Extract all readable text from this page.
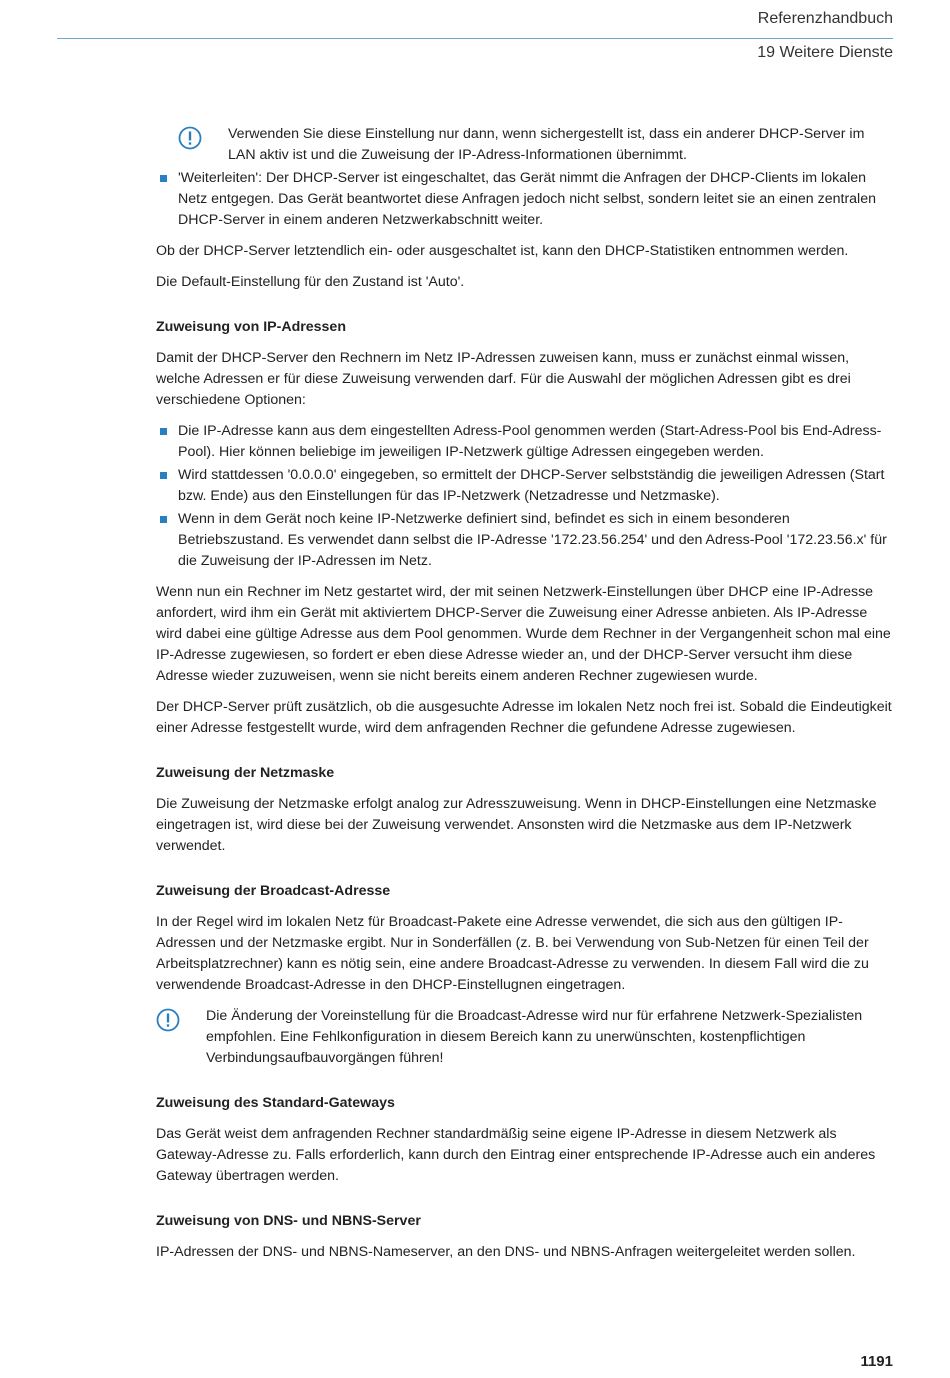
Referenzhandbuch
19 Weitere Dienste
Verwenden Sie diese Einstellung nur dann, wenn sichergestellt ist, dass ein anderer DHCP-Server im LAN aktiv ist und die Zuweisung der IP-Adress-Informationen übernimmt.
'Weiterleiten': Der DHCP-Server ist eingeschaltet, das Gerät nimmt die Anfragen der DHCP-Clients im lokalen Netz entgegen. Das Gerät beantwortet diese Anfragen jedoch nicht selbst, sondern leitet sie an einen zentralen DHCP-Server in einem anderen Netzwerkabschnitt weiter.

Ob der DHCP-Server letztendlich ein- oder ausgeschaltet ist, kann den DHCP-Statistiken entnommen werden.

Die Default-Einstellung für den Zustand ist 'Auto'.

Zuweisung von IP-Adressen

Damit der DHCP-Server den Rechnern im Netz IP-Adressen zuweisen kann, muss er zunächst einmal wissen, welche Adressen er für diese Zuweisung verwenden darf. Für die Auswahl der möglichen Adressen gibt es drei verschiedene Optionen:

Die IP-Adresse kann aus dem eingestellten Adress-Pool genommen werden (Start-Adress-Pool bis End-Adress-Pool). Hier können beliebige im jeweiligen IP-Netzwerk gültige Adressen eingegeben werden.
Wird stattdessen '0.0.0.0' eingegeben, so ermittelt der DHCP-Server selbstständig die jeweiligen Adressen (Start bzw. Ende) aus den Einstellungen für das IP-Netzwerk (Netzadresse und Netzmaske).
Wenn in dem Gerät noch keine IP-Netzwerke definiert sind, befindet es sich in einem besonderen Betriebszustand. Es verwendet dann selbst die IP-Adresse '172.23.56.254' und den Adress-Pool '172.23.56.x' für die Zuweisung der IP-Adressen im Netz.

Wenn nun ein Rechner im Netz gestartet wird, der mit seinen Netzwerk-Einstellungen über DHCP eine IP-Adresse anfordert, wird ihm ein Gerät mit aktiviertem DHCP-Server die Zuweisung einer Adresse anbieten. Als IP-Adresse wird dabei eine gültige Adresse aus dem Pool genommen. Wurde dem Rechner in der Vergangenheit schon mal eine IP-Adresse zugewiesen, so fordert er eben diese Adresse wieder an, und der DHCP-Server versucht ihm diese Adresse wieder zuzuweisen, wenn sie nicht bereits einem anderen Rechner zugewiesen wurde.

Der DHCP-Server prüft zusätzlich, ob die ausgesuchte Adresse im lokalen Netz noch frei ist. Sobald die Eindeutigkeit einer Adresse festgestellt wurde, wird dem anfragenden Rechner die gefundene Adresse zugewiesen.

Zuweisung der Netzmaske

Die Zuweisung der Netzmaske erfolgt analog zur Adresszuweisung. Wenn in DHCP-Einstellungen eine Netzmaske eingetragen ist, wird diese bei der Zuweisung verwendet. Ansonsten wird die Netzmaske aus dem IP-Netzwerk verwendet.

Zuweisung der Broadcast-Adresse

In der Regel wird im lokalen Netz für Broadcast-Pakete eine Adresse verwendet, die sich aus den gültigen IP-Adressen und der Netzmaske ergibt. Nur in Sonderfällen (z. B. bei Verwendung von Sub-Netzen für einen Teil der Arbeitsplatzrechner) kann es nötig sein, eine andere Broadcast-Adresse zu verwenden. In diesem Fall wird die zu verwendende Broadcast-Adresse in den DHCP-Einstellugnen eingetragen.

Die Änderung der Voreinstellung für die Broadcast-Adresse wird nur für erfahrene Netzwerk-Spezialisten empfohlen. Eine Fehlkonfiguration in diesem Bereich kann zu unerwünschten, kostenpflichtigen Verbindungsaufbauvorgängen führen!
Zuweisung des Standard-Gateways

Das Gerät weist dem anfragenden Rechner standardmäßig seine eigene IP-Adresse in diesem Netzwerk als Gateway-Adresse zu. Falls erforderlich, kann durch den Eintrag einer entsprechende IP-Adresse auch ein anderes Gateway übertragen werden.

Zuweisung von DNS- und NBNS-Server

IP-Adressen der DNS- und NBNS-Nameserver, an den DNS- und NBNS-Anfragen weitergeleitet werden sollen.

1191
